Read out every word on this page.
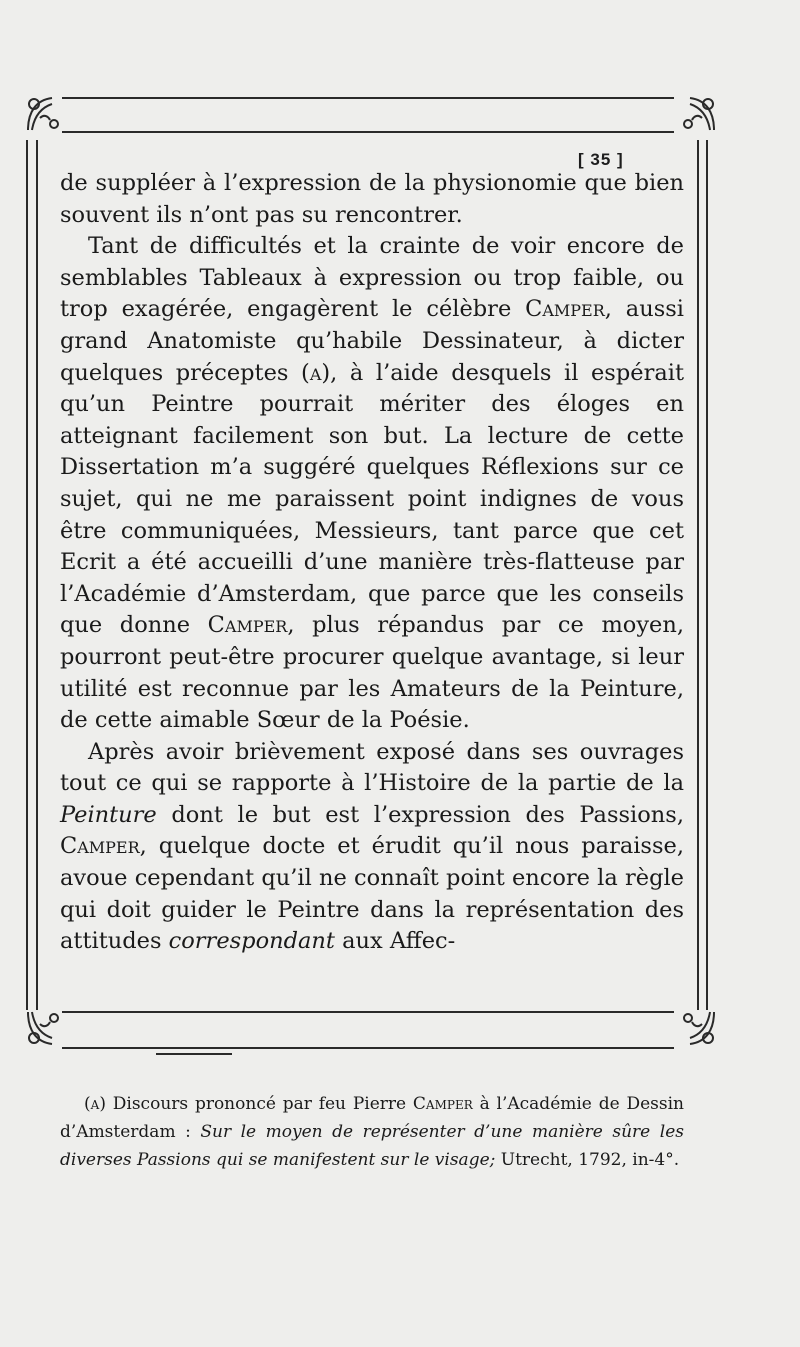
[ 35 ]

de suppléer à l’expression de la physionomie que bien souvent ils n’ont pas su rencontrer.

Tant de difficultés et la crainte de voir encore de semblables Tableaux à expression ou trop faible, ou trop exagérée, engagèrent le célèbre Camper, aussi grand Anatomiste qu’habile Dessinateur, à dicter quelques préceptes (a), à l’aide desquels il espérait qu’un Peintre pourrait mériter des éloges en atteignant facilement son but. La lecture de cette Dissertation m’a suggéré quelques Réflexions sur ce sujet, qui ne me paraissent point indignes de vous être communiquées, Messieurs, tant parce que cet Ecrit a été accueilli d’une manière très-flatteuse par l’Académie d’Amsterdam, que parce que les conseils que donne Camper, plus répandus par ce moyen, pourront peut-être procurer quelque avantage, si leur utilité est reconnue par les Amateurs de la Peinture, de cette aimable Sœur de la Poésie.

Après avoir brièvement exposé dans ses ouvrages tout ce qui se rapporte à l’Histoire de la partie de la Peinture dont le but est l’expression des Passions, Camper, quelque docte et érudit qu’il nous paraisse, avoue cependant qu’il ne connaît point encore la règle qui doit guider le Peintre dans la représentation des attitudes correspondant aux Affec-

(a) Discours prononcé par feu Pierre Camper à l’Académie de Dessin d’Amsterdam : Sur le moyen de représenter d’une manière sûre les diverses Passions qui se manifestent sur le visage; Utrecht, 1792, in-4°.
